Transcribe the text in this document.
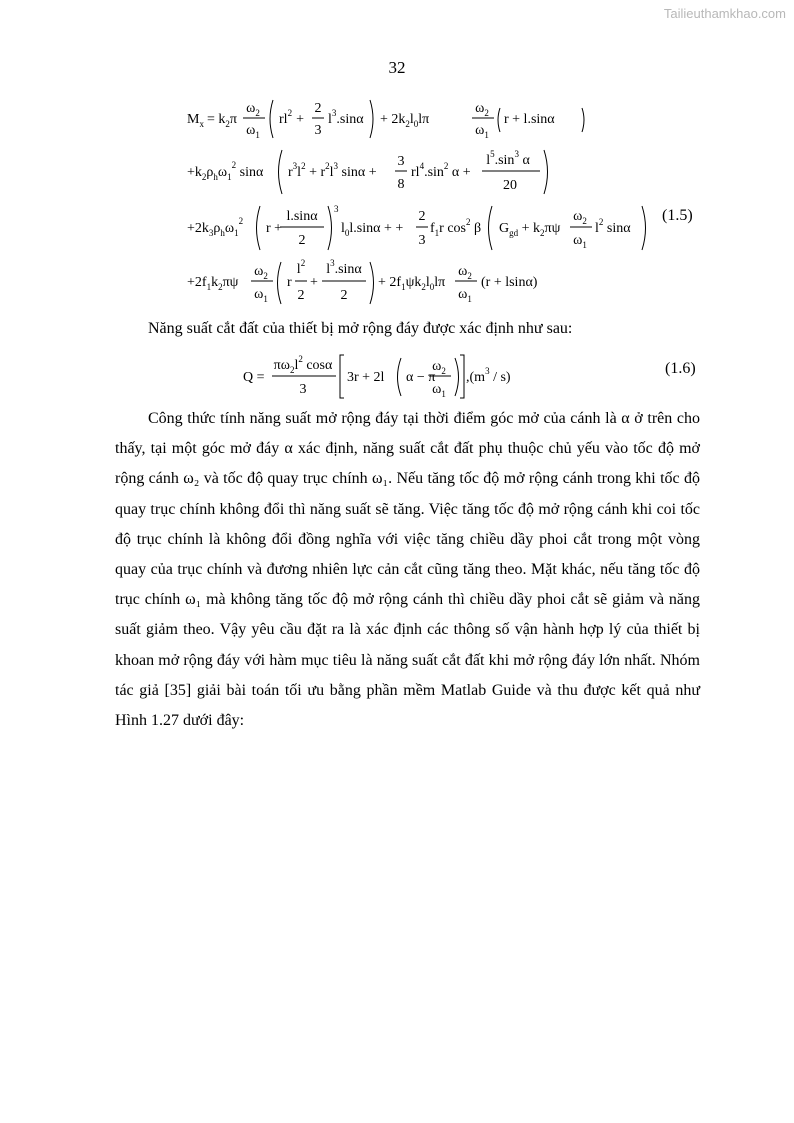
Tailieuthamkhao.com
32
$M_x = k_2\pi$
$\omega_2$
$\omega_1$
$rl^2$ +
2
3
$l^3.\sin\alpha + 2k_2l_0l\pi$
$\omega_2$
$\omega_1$
r + l.sinα
$+k_2\rho_h\omega_1^2$ sinα $r^3l^2 + r^2l^3$ sinα +
3
8
$rl^4.\sin^2$ α +
$l^5.\sin^3$ α
20
$+2k_3\rho_h\omega_1^2$ r +
l.sinα
2
3
$l_0l.\sin\alpha$ + +
2
3
$f_1r$ $\cos^2 \beta$ $G_{gd} + k_2\pi\psi$
$\omega_2$
$\omega_1$
$l^2$ sinα
(1.5)
$+2f_1k_2\pi\psi$
$\omega_2$
$\omega_1$
r
$l^2$
2
+
$l^3.\sin\alpha$
2
+ $2f_1\psi k_2l_0l\pi$
$\omega_2$
$\omega_1$
(r + lsinα)
Năng suất cắt đất của thiết bị mở rộng đáy được xác định như sau:
Q =
$\pi\omega_2l^2$ cosα
3
3r + 2l α − π
$\omega_2$
$\omega_1$
$,(m^3 / s)$
(1.6)

Công thức tính năng suất mở rộng đáy tại thời điểm góc mở của cánh là α ở trên cho thấy, tại một góc mở đáy α xác định, năng suất cắt đất phụ thuộc chủ yếu vào tốc độ mở rộng cánh ω₂ và tốc độ quay trục chính ω₁. Nếu tăng tốc độ mở rộng cánh trong khi tốc độ quay trục chính không đổi thì năng suất sẽ tăng. Việc tăng tốc độ mở rộng cánh khi coi tốc độ trục chính là không đổi đồng nghĩa với việc tăng chiều dầy phoi cắt trong một vòng quay của trục chính và đương nhiên lực cản cắt cũng tăng theo. Mặt khác, nếu tăng tốc độ trục chính ω₁ mà không tăng tốc độ mở rộng cánh thì chiều dầy phoi cắt sẽ giảm và năng suất giảm theo. Vậy yêu cầu đặt ra là xác định các thông số vận hành hợp lý của thiết bị khoan mở rộng đáy với hàm mục tiêu là năng suất cắt đất khi mở rộng đáy lớn nhất. Nhóm tác giả [35] giải bài toán tối ưu bằng phần mềm Matlab Guide và thu được kết quả như Hình 1.27 dưới đây:
